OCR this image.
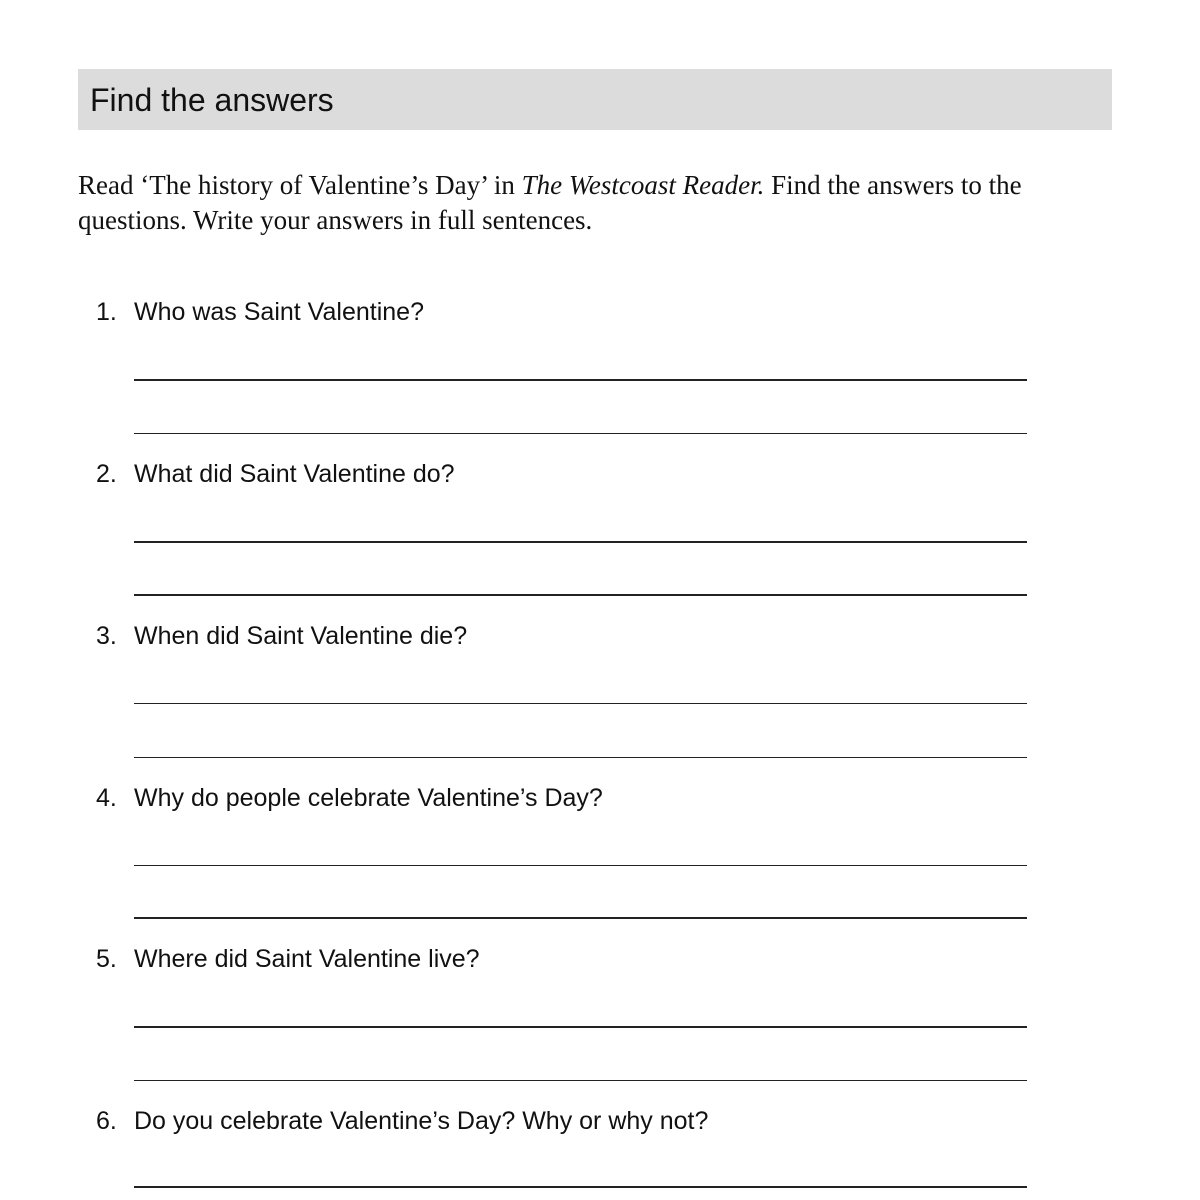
Find the answers
Read ‘The history of Valentine’s Day’ in The Westcoast Reader. Find the answers to the questions. Write your answers in full sentences.
1. Who was Saint Valentine?
2. What did Saint Valentine do?
3. When did Saint Valentine die?
4. Why do people celebrate Valentine’s Day?
5. Where did Saint Valentine live?
6. Do you celebrate Valentine’s Day? Why or why not?
